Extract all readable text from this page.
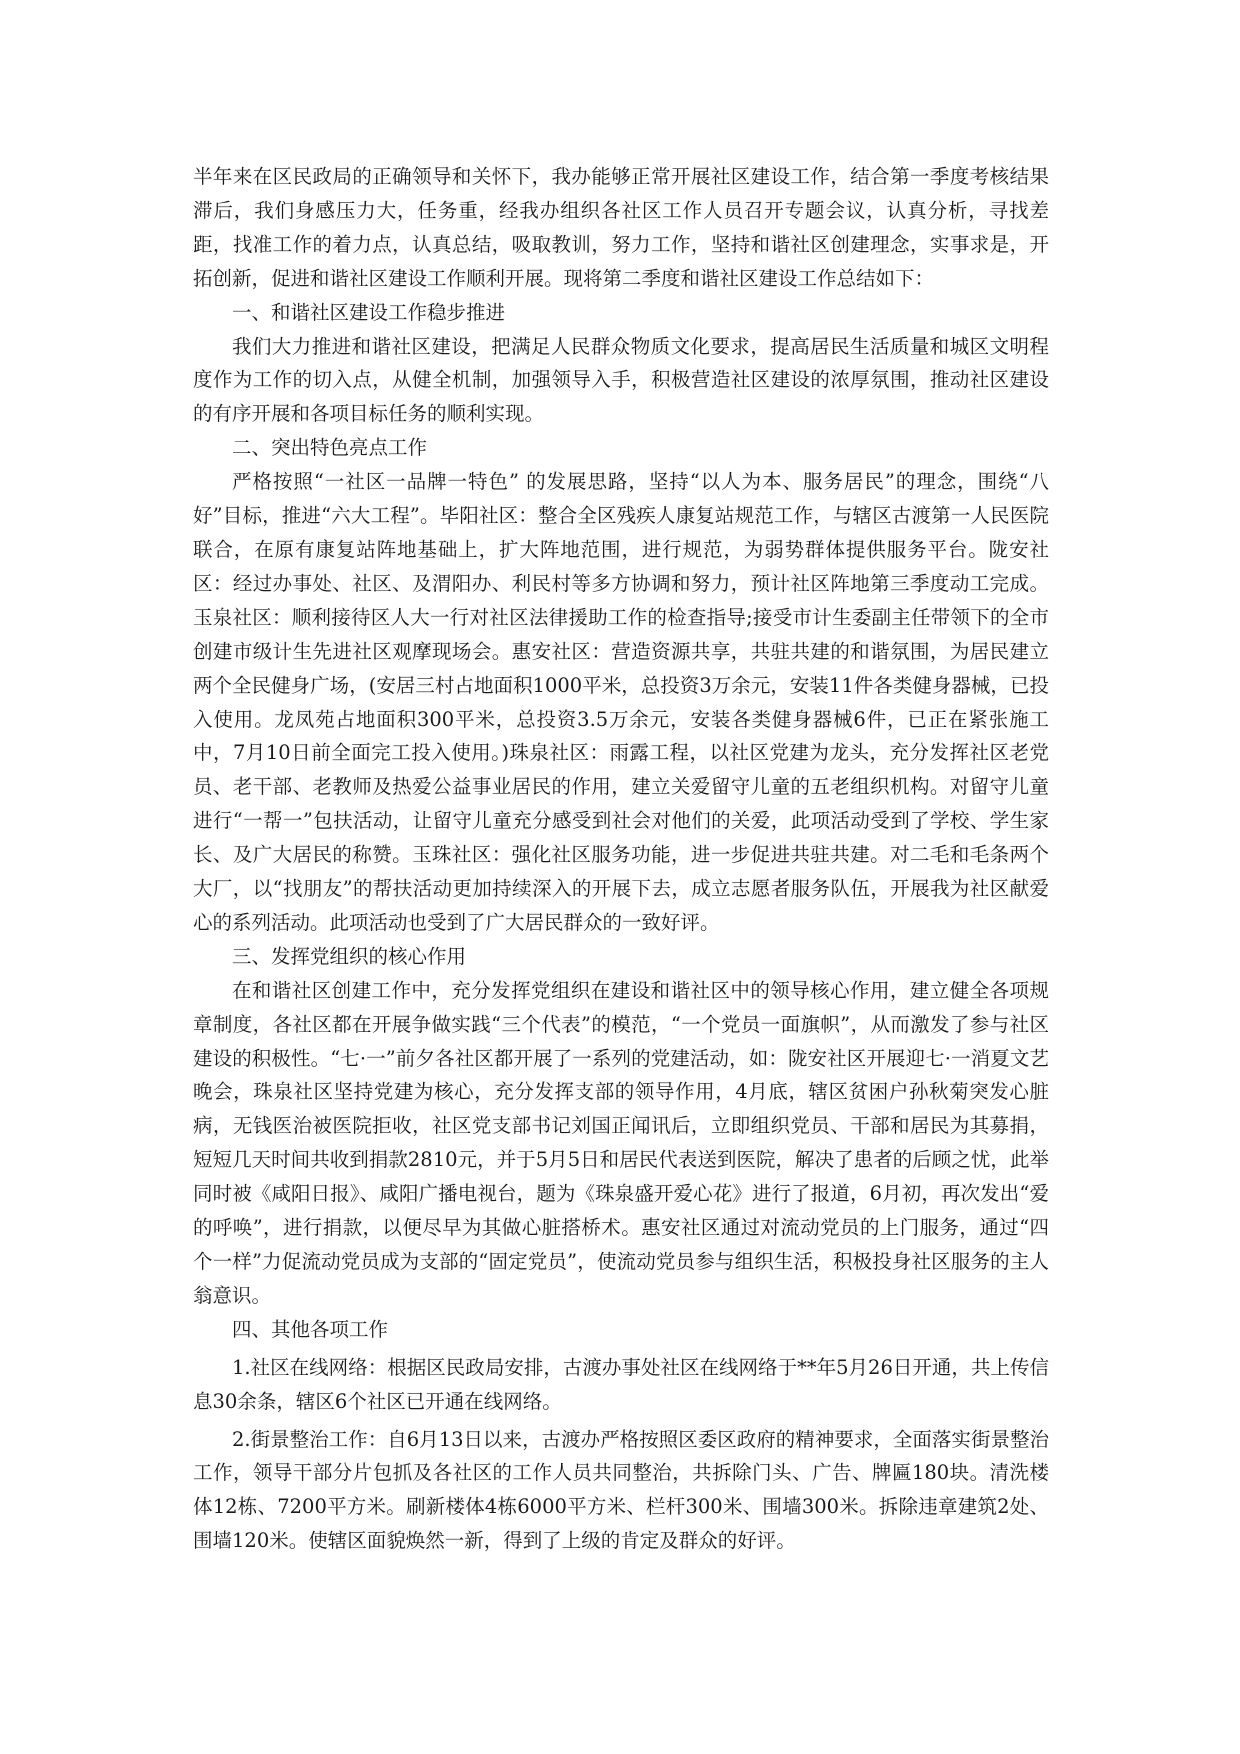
半年来在区民政局的正确领导和关怀下，我办能够正常开展社区建设工作，结合第一季度考核结果滞后，我们身感压力大，任务重，经我办组织各社区工作人员召开专题会议，认真分析，寻找差距，找准工作的着力点，认真总结，吸取教训，努力工作，坚持和谐社区创建理念，实事求是，开拓创新，促进和谐社区建设工作顺利开展。现将第二季度和谐社区建设工作总结如下：

一、和谐社区建设工作稳步推进

我们大力推进和谐社区建设，把满足人民群众物质文化要求，提高居民生活质量和城区文明程度作为工作的切入点，从健全机制，加强领导入手，积极营造社区建设的浓厚氛围，推动社区建设的有序开展和各项目标任务的顺利实现。

二、突出特色亮点工作

严格按照“一社区一品牌一特色” 的发展思路，坚持“以人为本、服务居民”的理念，围绕“八好”目标，推进“六大工程”。毕阳社区：整合全区残疾人康复站规范工作，与辖区古渡第一人民医院联合，在原有康复站阵地基础上，扩大阵地范围，进行规范，为弱势群体提供服务平台。陇安社区：经过办事处、社区、及渭阳办、利民村等多方协调和努力，预计社区阵地第三季度动工完成。玉泉社区：顺利接待区人大一行对社区法律援助工作的检查指导;接受市计生委副主任带领下的全市创建市级计生先进社区观摩现场会。惠安社区：营造资源共享，共驻共建的和谐氛围，为居民建立两个全民健身广场，(安居三村占地面积1000平米，总投资3万余元，安装11件各类健身器械，已投入使用。龙凤苑占地面积300平米，总投资3.5万余元，安装各类健身器械6件，已正在紧张施工中，7月10日前全面完工投入使用。)珠泉社区：雨露工程，以社区党建为龙头，充分发挥社区老党员、老干部、老教师及热爱公益事业居民的作用，建立关爱留守儿童的五老组织机构。对留守儿童进行“一帮一”包扶活动，让留守儿童充分感受到社会对他们的关爱，此项活动受到了学校、学生家长、及广大居民的称赞。玉珠社区：强化社区服务功能，进一步促进共驻共建。对二毛和毛条两个大厂，以“找朋友”的帮扶活动更加持续深入的开展下去，成立志愿者服务队伍，开展我为社区献爱心的系列活动。此项活动也受到了广大居民群众的一致好评。

三、发挥党组织的核心作用

在和谐社区创建工作中，充分发挥党组织在建设和谐社区中的领导核心作用，建立健全各项规章制度，各社区都在开展争做实践“三个代表”的模范，“一个党员一面旗帜”，从而激发了参与社区建设的积极性。“七·一”前夕各社区都开展了一系列的党建活动，如：陇安社区开展迎七·一消夏文艺晚会，珠泉社区坚持党建为核心，充分发挥支部的领导作用，4月底，辖区贫困户孙秋菊突发心脏病，无钱医治被医院拒收，社区党支部书记刘国正闻讯后，立即组织党员、干部和居民为其募捐，短短几天时间共收到捐款2810元，并于5月5日和居民代表送到医院，解决了患者的后顾之忧，此举同时被《咸阳日报》、咸阳广播电视台，题为《珠泉盛开爱心花》进行了报道，6月初，再次发出“爱的呼唤”，进行捐款，以便尽早为其做心脏搭桥术。惠安社区通过对流动党员的上门服务，通过“四个一样”力促流动党员成为支部的“固定党员”，使流动党员参与组织生活，积极投身社区服务的主人翁意识。

四、其他各项工作

1.社区在线网络：根据区民政局安排，古渡办事处社区在线网络于**年5月26日开通，共上传信息30余条，辖区6个社区已开通在线网络。

2.街景整治工作：自6月13日以来，古渡办严格按照区委区政府的精神要求，全面落实街景整治工作，领导干部分片包抓及各社区的工作人员共同整治，共拆除门头、广告、牌匾180块。清洗楼体12栋、7200平方米。刷新楼体4栋6000平方米、栏杆300米、围墙300米。拆除违章建筑2处、围墙120米。使辖区面貌焕然一新，得到了上级的肯定及群众的好评。
